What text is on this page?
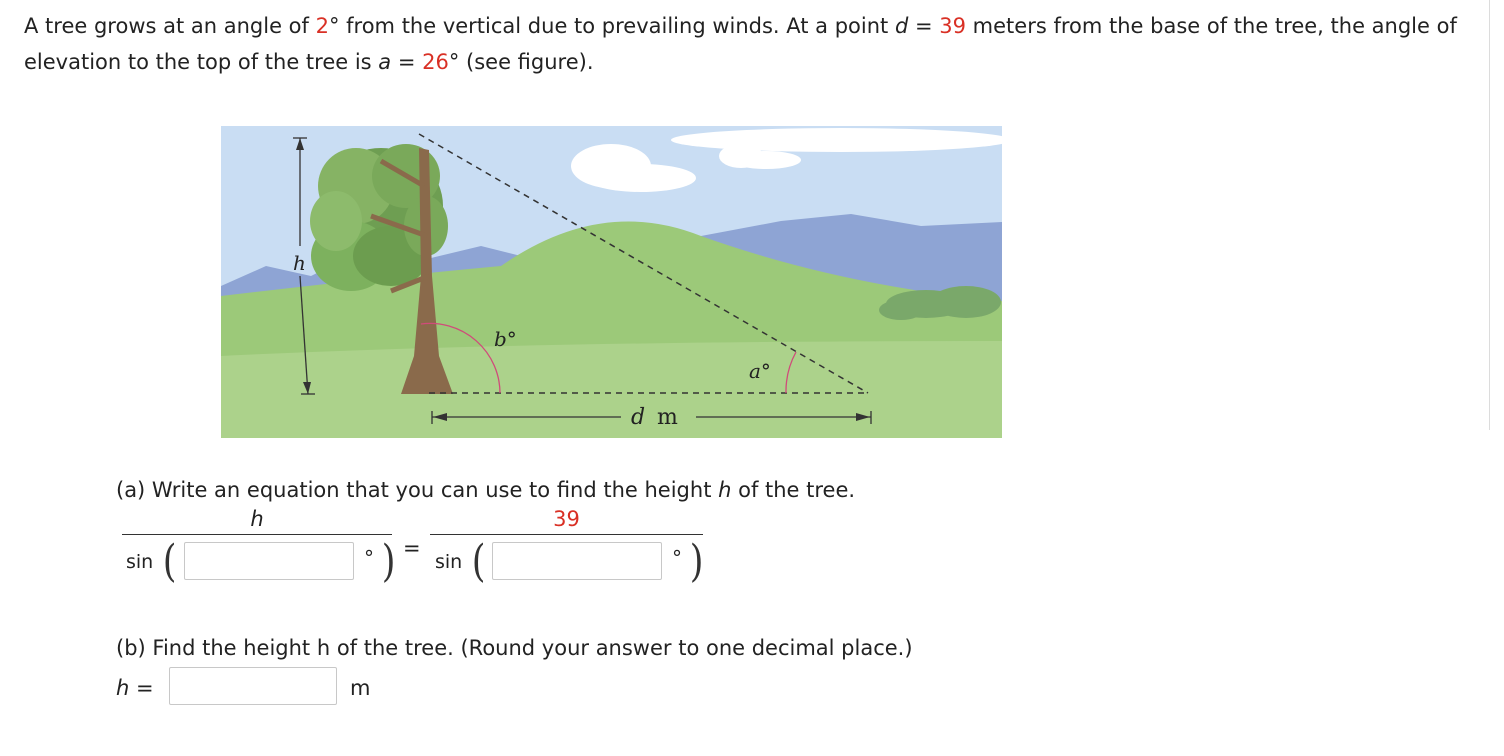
A tree grows at an angle of 2° from the vertical due to prevailing winds. At a point d = 39 meters from the base of the tree, the angle of elevation to the top of the tree is a = 26° (see figure).
h
b°
a°
d m
(a) Write an equation that you can use to find the height h of the tree.
h	39
sin (	° ) =
sin (	° )
(b) Find the height h of the tree. (Round your answer to one decimal place.)
h =	m
